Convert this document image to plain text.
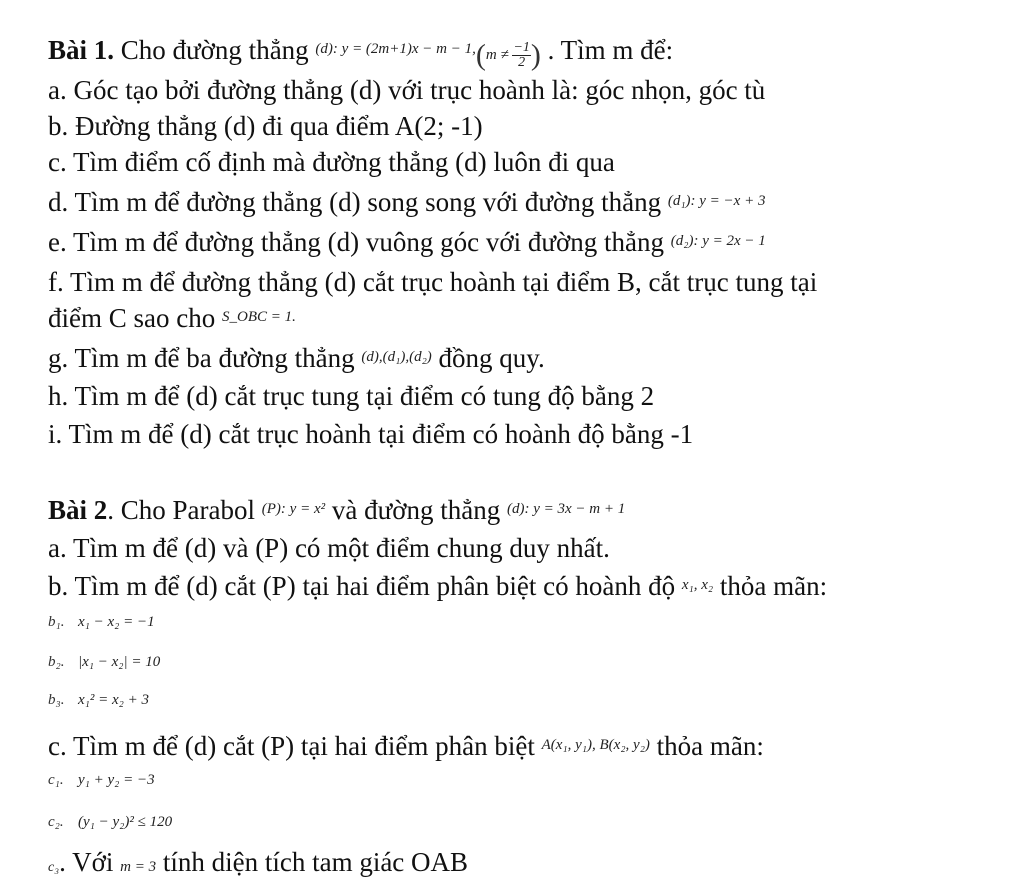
Bài 1. Cho đường thẳng $^{(d): y = (2m+1)x - m - 1,}(m \ne \frac{-1}{2}$ ) . Tìm m để:
a. Góc tạo bởi đường thẳng (d) với trục hoành là: góc nhọn, góc tù
b. Đường thẳng (d) đi qua điểm A(2; -1)
c. Tìm điểm cố định mà đường thẳng (d) luôn đi qua
d. Tìm m để đường thẳng (d) song song với đường thẳng $^{(d_1): y = -x + 3}$
e. Tìm m để đường thẳng (d) vuông góc với đường thẳng $^{(d_2): y = 2x - 1}$
f. Tìm m để đường thẳng (d) cắt trục hoành tại điểm B, cắt trục tung tại
điểm C sao cho $^{S\_OBC = 1.}$
g. Tìm m để ba đường thẳng $^{(d),(d_1),(d_2)}$ đồng quy.
h. Tìm m để (d) cắt trục tung tại điểm có tung độ bằng 2
i. Tìm m để (d) cắt trục hoành tại điểm có hoành độ bằng -1
Bài 2. Cho Parabol $^{(P): y = x^2}$ và đường thẳng $^{(d): y = 3x - m + 1}$
a. Tìm m để (d) và (P) có một điểm chung duy nhất.
b. Tìm m để (d) cắt (P) tại hai điểm phân biệt có hoành độ $^{x_1, x_2}$ thỏa mãn:
b₁. x₁ − x₂ = −1
b₂. |x₁ − x₂| = 10
b₃. x₁² = x₂ + 3
c. Tìm m để (d) cắt (P) tại hai điểm phân biệt $^{A(x_1, y_1), B(x_2, y_2)}$ thỏa mãn:
c₁. y₁ + y₂ = −3
c₂. (y₁ − y₂)² ≤ 120
c₃. Với m = 3 tính diện tích tam giác OAB
